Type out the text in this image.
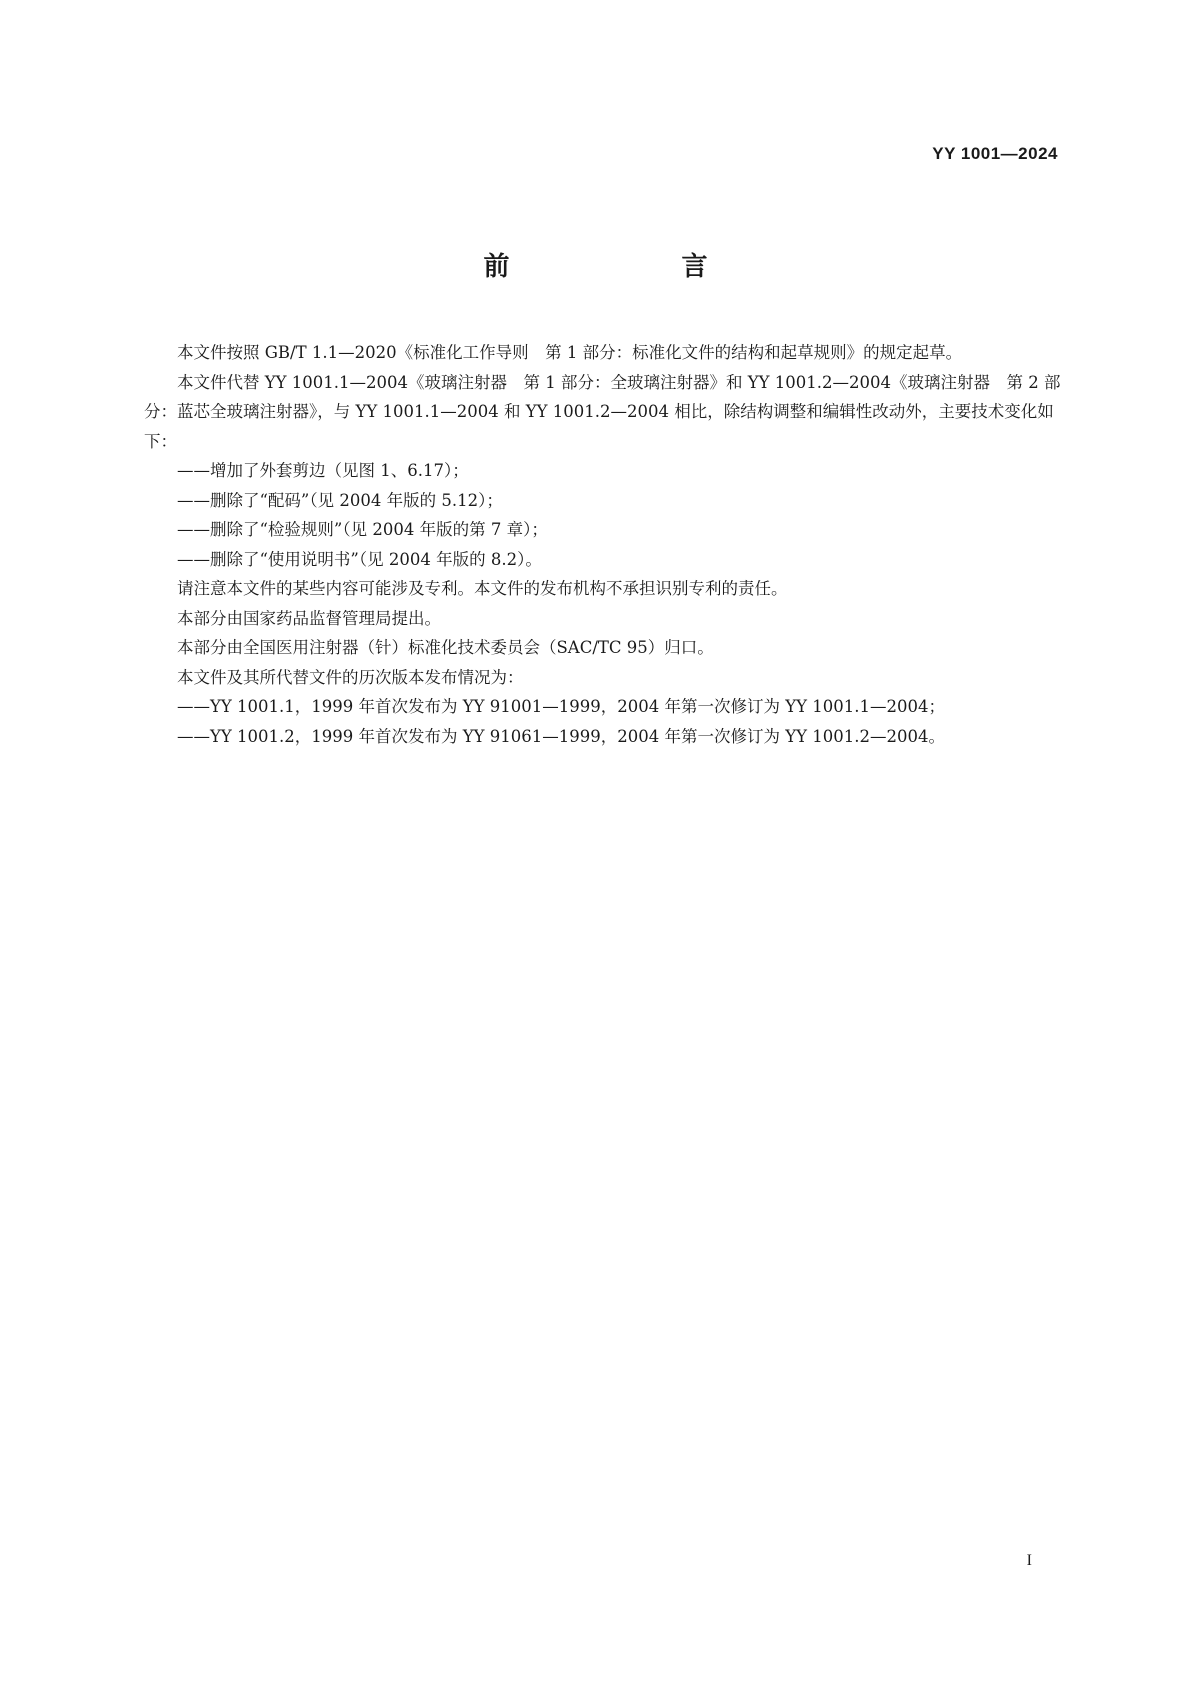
YY 1001—2024
前　　言

本文件按照 GB/T 1.1—2020《标准化工作导则　第 1 部分：标准化文件的结构和起草规则》的规定起草。

本文件代替 YY 1001.1—2004《玻璃注射器　第 1 部分：全玻璃注射器》和 YY 1001.2—2004《玻璃注射器　第 2 部分：蓝芯全玻璃注射器》，与 YY 1001.1—2004 和 YY 1001.2—2004 相比，除结构调整和编辑性改动外，主要技术变化如下：

——增加了外套剪边（见图 1、6.17）；

——删除了“配码”（见 2004 年版的 5.12）；

——删除了“检验规则”（见 2004 年版的第 7 章）；

——删除了“使用说明书”（见 2004 年版的 8.2）。

请注意本文件的某些内容可能涉及专利。本文件的发布机构不承担识别专利的责任。

本部分由国家药品监督管理局提出。

本部分由全国医用注射器（针）标准化技术委员会（SAC/TC 95）归口。

本文件及其所代替文件的历次版本发布情况为：

——YY 1001.1，1999 年首次发布为 YY 91001—1999，2004 年第一次修订为 YY 1001.1—2004；

——YY 1001.2，1999 年首次发布为 YY 91061—1999，2004 年第一次修订为 YY 1001.2—2004。

I
